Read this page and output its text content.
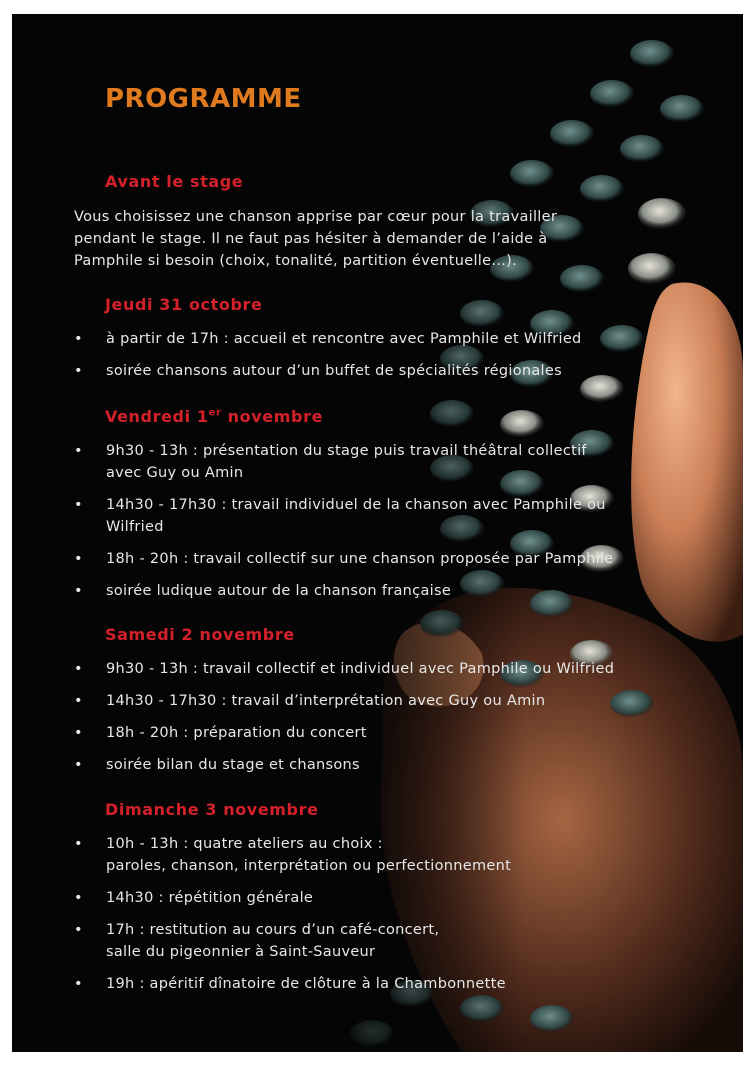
PROGRAMME
Avant le stage

Vous choisissez une chanson apprise par cœur pour la travailler
pendant le stage. Il ne faut pas hésiter à demander de l’aide à
Pamphile si besoin (choix, tonalité, partition éventuelle…).

Jeudi 31 octobre
• à partir de 17h : accueil et rencontre avec Pamphile et Wilfried
• soirée chansons autour d’un buffet de spécialités régionales
Vendredi 1er novembre
• 9h30 - 13h : présentation du stage puis travail théâtral collectif
avec Guy ou Amin
• 14h30 - 17h30 : travail individuel de la chanson avec Pamphile ou
Wilfried
• 18h - 20h : travail collectif sur une chanson proposée par Pamphile
• soirée ludique autour de la chanson française
Samedi 2 novembre
• 9h30 - 13h : travail collectif et individuel avec Pamphile ou Wilfried
• 14h30 - 17h30 : travail d’interprétation avec Guy ou Amin
• 18h - 20h : préparation du concert
• soirée bilan du stage et chansons
Dimanche 3 novembre
• 10h - 13h : quatre ateliers au choix :
paroles, chanson, interprétation ou perfectionnement
• 14h30 : répétition générale
• 17h : restitution au cours d’un café-concert,
salle du pigeonnier à Saint-Sauveur
• 19h : apéritif dînatoire de clôture à la Chambonnette
